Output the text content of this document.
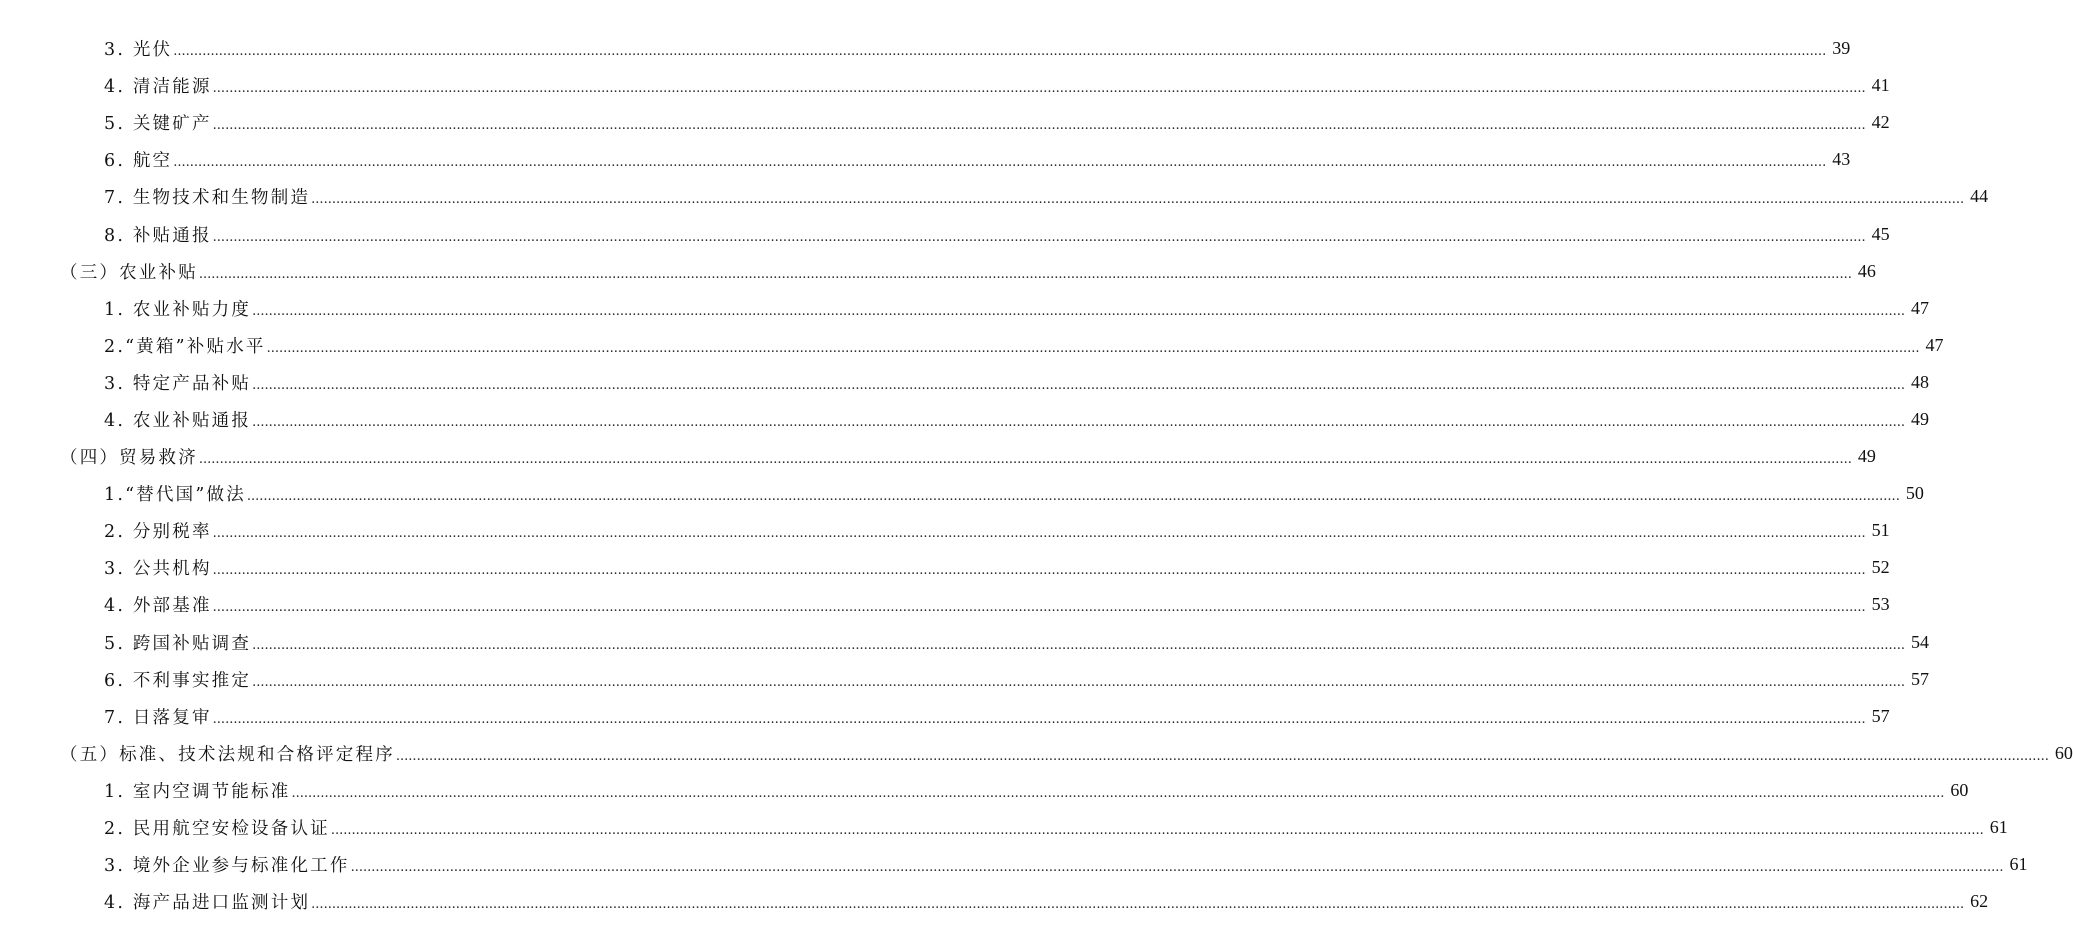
3. 光伏 ................................................................................................................................................................................................................................................................................................................................................................................................................ 39
4. 清洁能源 ................................................................................................................................................................................................................................................................................................................................................................................................................ 41
5. 关键矿产 ................................................................................................................................................................................................................................................................................................................................................................................................................ 42
6. 航空 ................................................................................................................................................................................................................................................................................................................................................................................................................ 43
7. 生物技术和生物制造 ................................................................................................................................................................................................................................................................................................................................................................................................................ 44
8. 补贴通报 ................................................................................................................................................................................................................................................................................................................................................................................................................ 45
（三）农业补贴 ................................................................................................................................................................................................................................................................................................................................................................................................................ 46
1. 农业补贴力度 ................................................................................................................................................................................................................................................................................................................................................................................................................ 47
2.“黄箱”补贴水平 ................................................................................................................................................................................................................................................................................................................................................................................................................ 47
3. 特定产品补贴 ................................................................................................................................................................................................................................................................................................................................................................................................................ 48
4. 农业补贴通报 ................................................................................................................................................................................................................................................................................................................................................................................................................ 49
（四）贸易救济 ................................................................................................................................................................................................................................................................................................................................................................................................................ 49
1.“替代国”做法 ................................................................................................................................................................................................................................................................................................................................................................................................................ 50
2. 分别税率 ................................................................................................................................................................................................................................................................................................................................................................................................................ 51
3. 公共机构 ................................................................................................................................................................................................................................................................................................................................................................................................................ 52
4. 外部基准 ................................................................................................................................................................................................................................................................................................................................................................................................................ 53
5. 跨国补贴调查 ................................................................................................................................................................................................................................................................................................................................................................................................................ 54
6. 不利事实推定 ................................................................................................................................................................................................................................................................................................................................................................................................................ 57
7. 日落复审 ................................................................................................................................................................................................................................................................................................................................................................................................................ 57
（五）标准、技术法规和合格评定程序 ................................................................................................................................................................................................................................................................................................................................................................................................................ 60
1. 室内空调节能标准 ................................................................................................................................................................................................................................................................................................................................................................................................................ 60
2. 民用航空安检设备认证 ................................................................................................................................................................................................................................................................................................................................................................................................................ 61
3. 境外企业参与标准化工作 ................................................................................................................................................................................................................................................................................................................................................................................................................ 61
4. 海产品进口监测计划 ................................................................................................................................................................................................................................................................................................................................................................................................................ 62
